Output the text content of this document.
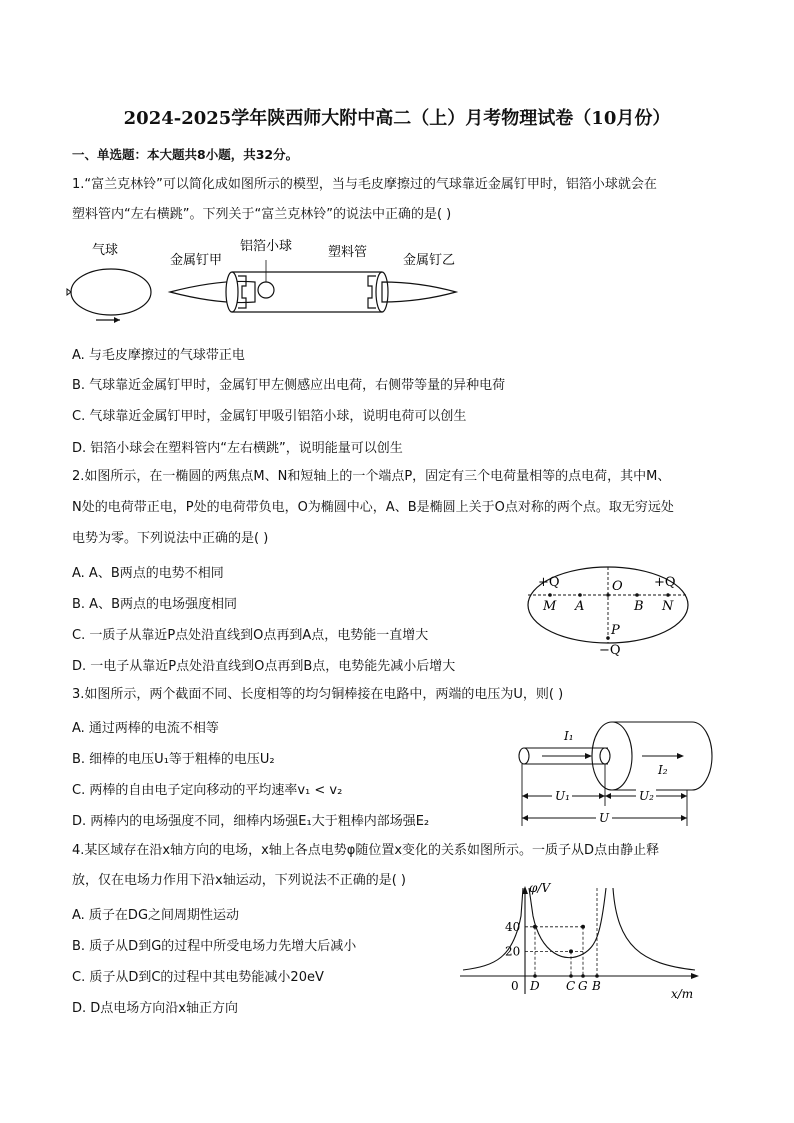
2024-2025学年陕西师大附中高二（上）月考物理试卷（10月份）
一、单选题：本大题共8小题，共32分。
1.“富兰克林铃”可以简化成如图所示的模型，当与毛皮摩擦过的气球靠近金属钉甲时，铝箔小球就会在
塑料管内“左右横跳”。下列关于“富兰克林铃”的说法中正确的是( )
气球
金属钉甲
铝箔小球	塑料管
金属钉乙
A. 与毛皮摩擦过的气球带正电
B. 气球靠近金属钉甲时，金属钉甲左侧感应出电荷，右侧带等量的异种电荷
C. 气球靠近金属钉甲时，金属钉甲吸引铝箔小球，说明电荷可以创生
D. 铝箔小球会在塑料管内“左右横跳”，说明能量可以创生
2.如图所示，在一椭圆的两焦点M、N和短轴上的一个端点P，固定有三个电荷量相等的点电荷，其中M、
N处的电荷带正电，P处的电荷带负电，O为椭圆中心，A、B是椭圆上关于O点对称的两个点。取无穷远处
电势为零。下列说法中正确的是( )
+Q	+Q
M A
O
B N
P
−Q
A. A、B两点的电势不相同
B. A、B两点的电场强度相同
C. 一质子从靠近P点处沿直线到O点再到A点，电势能一直增大
D. 一电子从靠近P点处沿直线到O点再到B点，电势能先减小后增大
3.如图所示，两个截面不同、长度相等的均匀铜棒接在电路中，两端的电压为U，则( )
I₁
I₂
U₁	U₂
U
A. 通过两棒的电流不相等
B. 细棒的电压U₁等于粗棒的电压U₂
C. 两棒的自由电子定向移动的平均速率v₁ < v₂
D. 两棒内的电场强度不同，细棒内场强E₁大于粗棒内部场强E₂
4.某区域存在沿x轴方向的电场，x轴上各点电势φ随位置x变化的关系如图所示。一质子从D点由静止释
放，仅在电场力作用下沿x轴运动，下列说法不正确的是( )	φ/V
x/m
0
20
40
D C G B
A. 质子在DG之间周期性运动
B. 质子从D到G的过程中所受电场力先增大后减小
C. 质子从D到C的过程中其电势能减小20eV
D. D点电场方向沿x轴正方向
